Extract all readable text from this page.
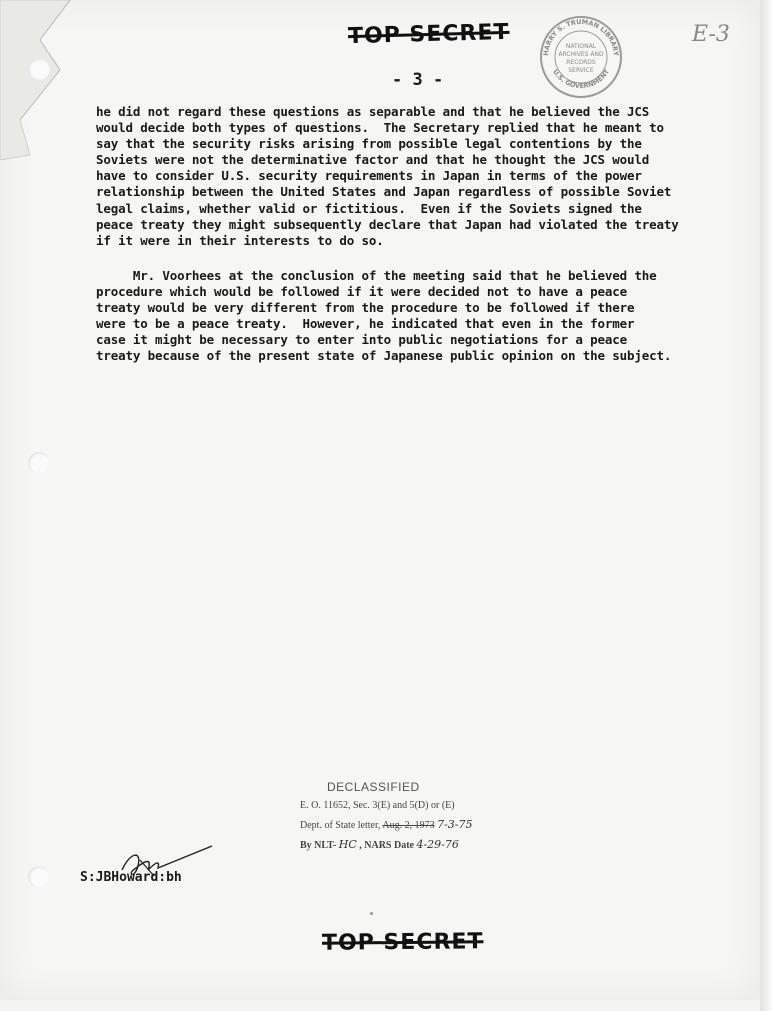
TOP SECRET
HARRY S. TRUMAN LIBRARY
U.S. GOVERNMENT
NATIONAL
ARCHIVES AND
RECORDS
SERVICE
E-3
- 3 -
he did not regard these questions as separable and that he believed the JCS
would decide both types of questions.  The Secretary replied that he meant to
say that the security risks arising from possible legal contentions by the
Soviets were not the determinative factor and that he thought the JCS would
have to consider U.S. security requirements in Japan in terms of the power
relationship between the United States and Japan regardless of possible Soviet
legal claims, whether valid or fictitious.  Even if the Soviets signed the
peace treaty they might subsequently declare that Japan had violated the treaty
if it were in their interests to do so.
Mr. Voorhees at the conclusion of the meeting said that he believed the
procedure which would be followed if it were decided not to have a peace
treaty would be very different from the procedure to be followed if there
were to be a peace treaty.  However, he indicated that even in the former
case it might be necessary to enter into public negotiations for a peace
treaty because of the present state of Japanese public opinion on the subject.
DECLASSIFIED
E. O. 11652, Sec. 3(E) and 5(D) or (E)
Dept. of State letter, Aug. 2, 1973 7-3-75
By NLT- HC , NARS Date 4-29-76
S:JBHoward:bh
TOP SECRET
